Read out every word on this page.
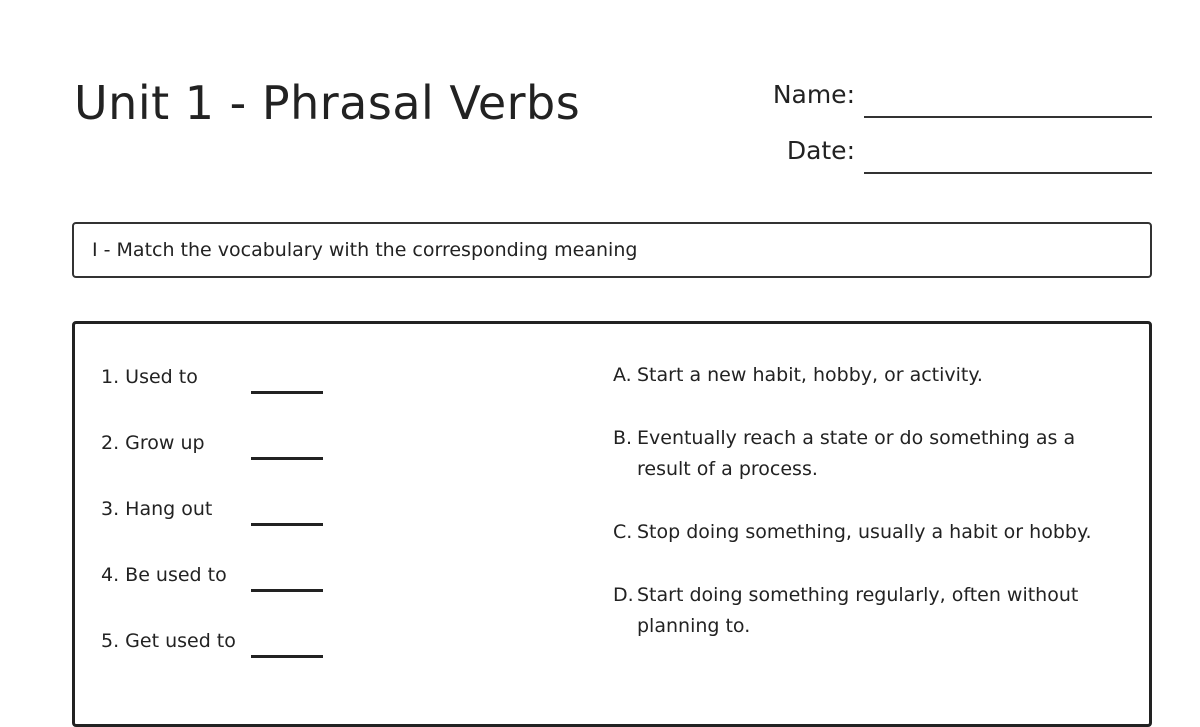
Unit 1 - Phrasal Verbs	Name:
Date:
I - Match the vocabulary with the corresponding meaning
1. Used to
2. Grow up
3. Hang out
4. Be used to
5. Get used to
A. Start a new habit, hobby, or activity.
B. Eventually reach a state or do something as a result of a process.
C. Stop doing something, usually a habit or hobby.
D. Start doing something regularly, often without planning to.
